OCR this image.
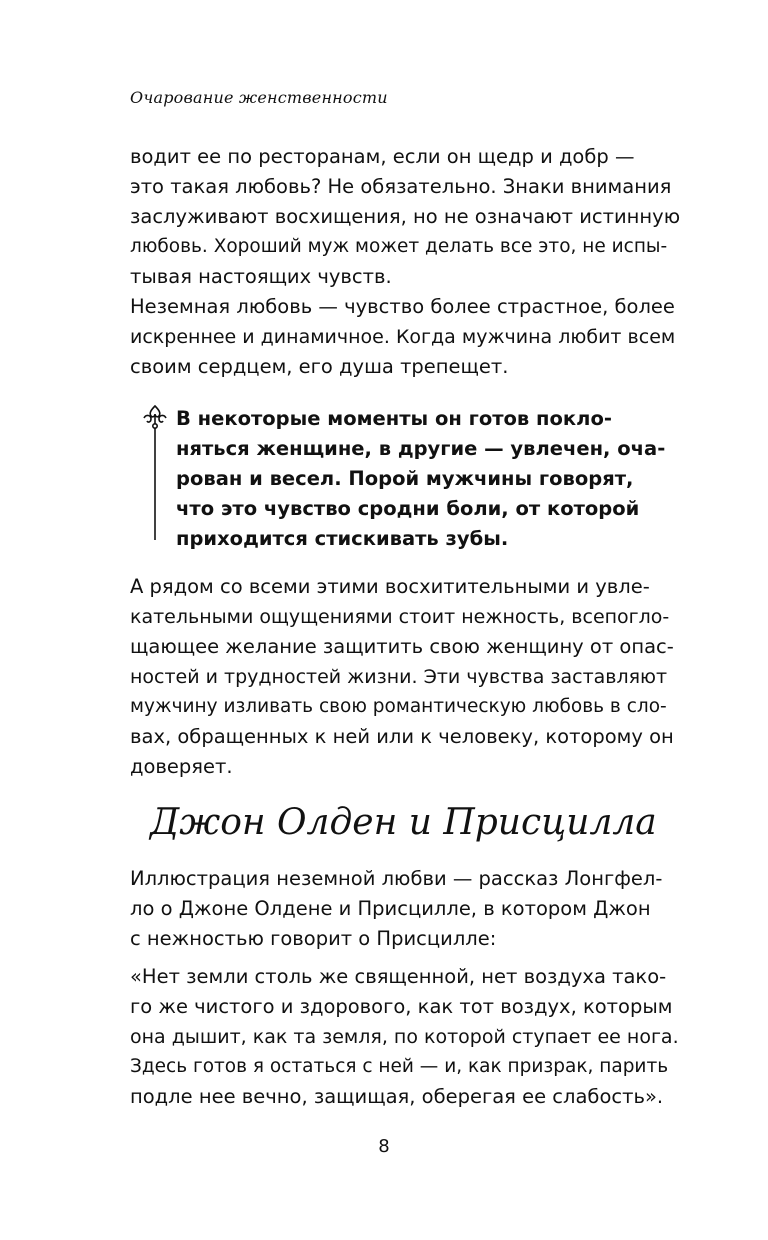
Очарование женственности

водит ее по ресторанам, если он щедр и добр —
это такая любовь? Не обязательно. Знаки внимания
заслуживают восхищения, но не означают истинную
любовь. Хороший муж может делать все это, не испы-
тывая настоящих чувств.

Неземная любовь — чувство более страстное, более
искреннее и динамичное. Когда мужчина любит всем
своим сердцем, его душа трепещет.

В некоторые моменты он готов покло-
няться женщине, в другие — увлечен, оча-
рован и весел. Порой мужчины говорят,
что это чувство сродни боли, от которой
приходится стискивать зубы.

А рядом со всеми этими восхитительными и увле-
кательными ощущениями стоит нежность, всепогло-
щающее желание защитить свою женщину от опас-
ностей и трудностей жизни. Эти чувства заставляют
мужчину изливать свою романтическую любовь в сло-
вах, обращенных к ней или к человеку, которому он
доверяет.

Джон Олден и Присцилла

Иллюстрация неземной любви — рассказ Лонгфел-
ло о Джоне Олдене и Присцилле, в котором Джон
с нежностью говорит о Присцилле:

«Нет земли столь же священной, нет воздуха тако-
го же чистого и здорового, как тот воздух, которым
она дышит, как та земля, по которой ступает ее нога.
Здесь готов я остаться с ней — и, как призрак, парить
подле нее вечно, защищая, оберегая ее слабость».

8
